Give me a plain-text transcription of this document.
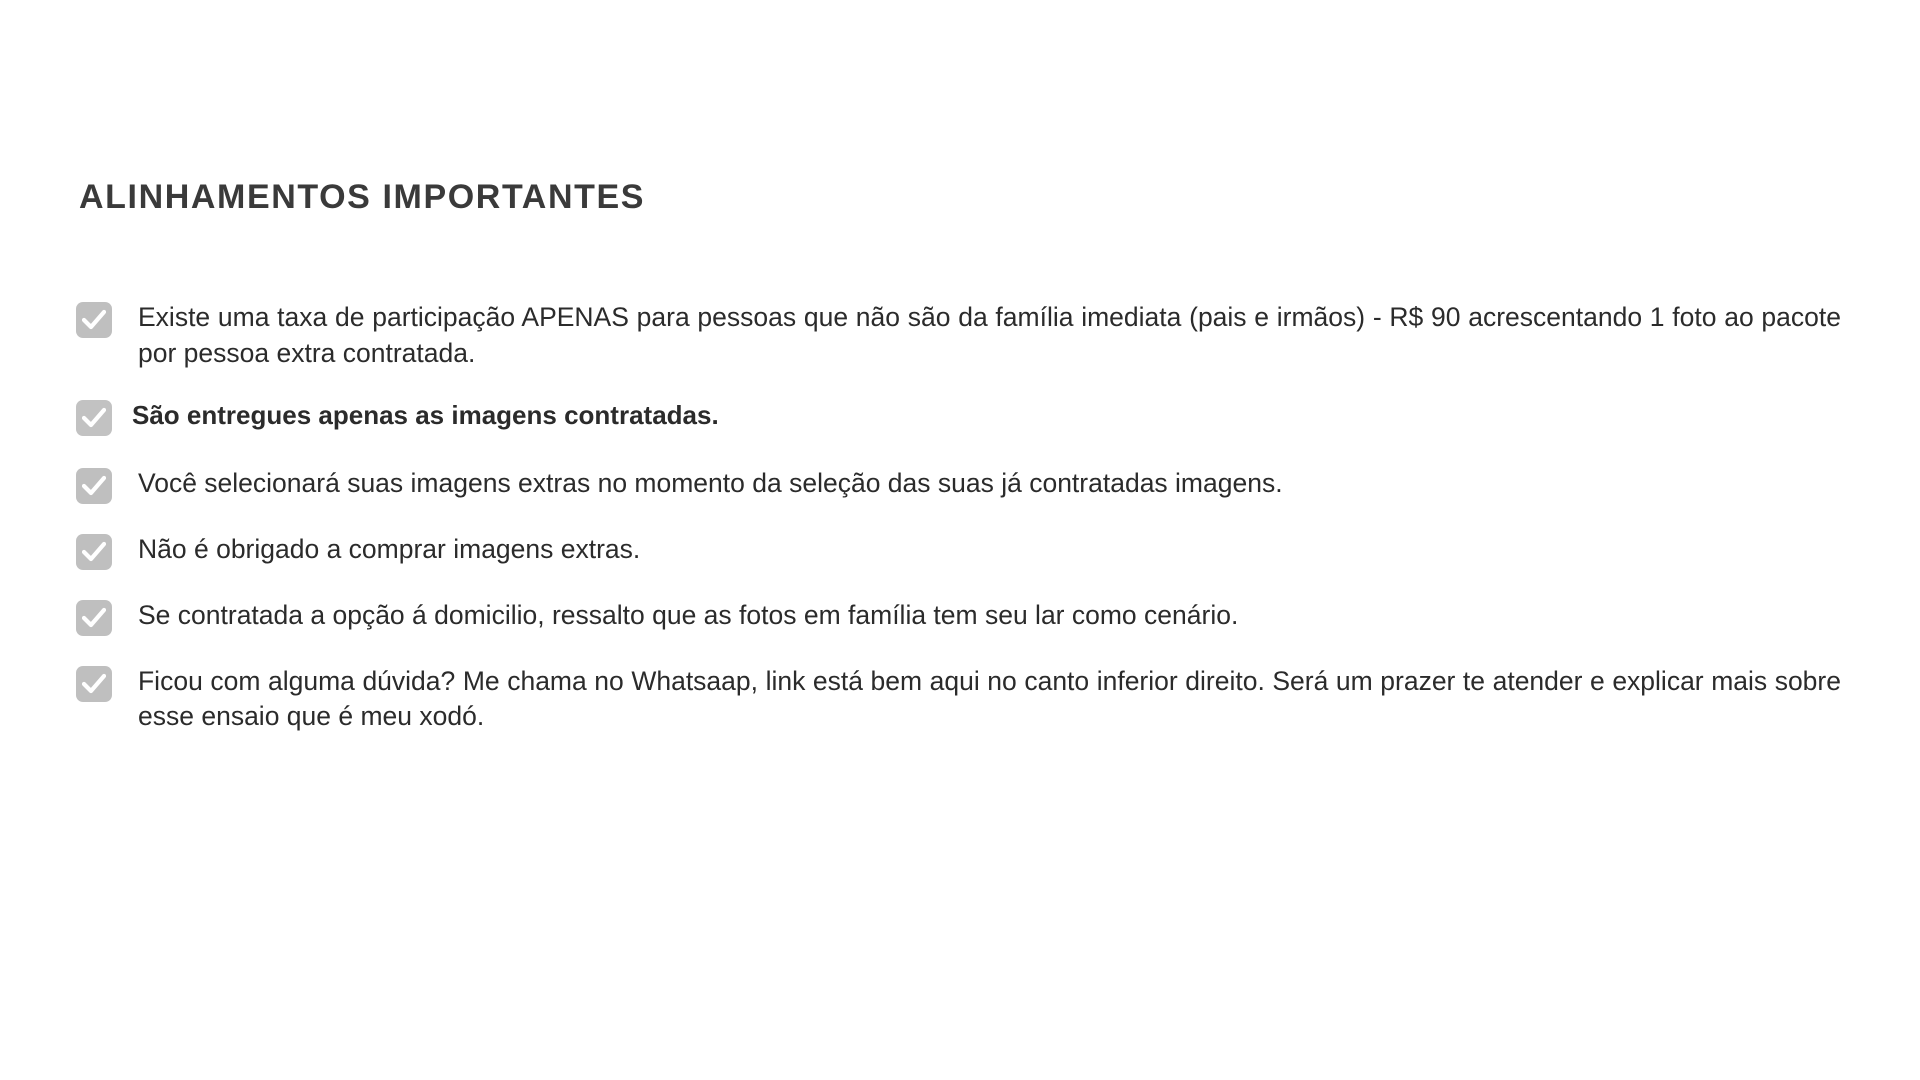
ALINHAMENTOS IMPORTANTES
Existe uma taxa de participação APENAS para pessoas que não são da família imediata (pais e irmãos) - R$ 90 acrescentando 1 foto ao pacote por pessoa extra contratada.
São entregues apenas as imagens contratadas.
Você selecionará suas imagens extras no momento da seleção das suas já contratadas imagens.
Não é obrigado a comprar imagens extras.
Se contratada a opção á domicilio, ressalto que as fotos em família tem seu lar como cenário.
Ficou com alguma dúvida? Me chama no Whatsaap, link está bem aqui no canto inferior direito. Será um prazer te atender e explicar mais sobre esse ensaio que é meu xodó.
